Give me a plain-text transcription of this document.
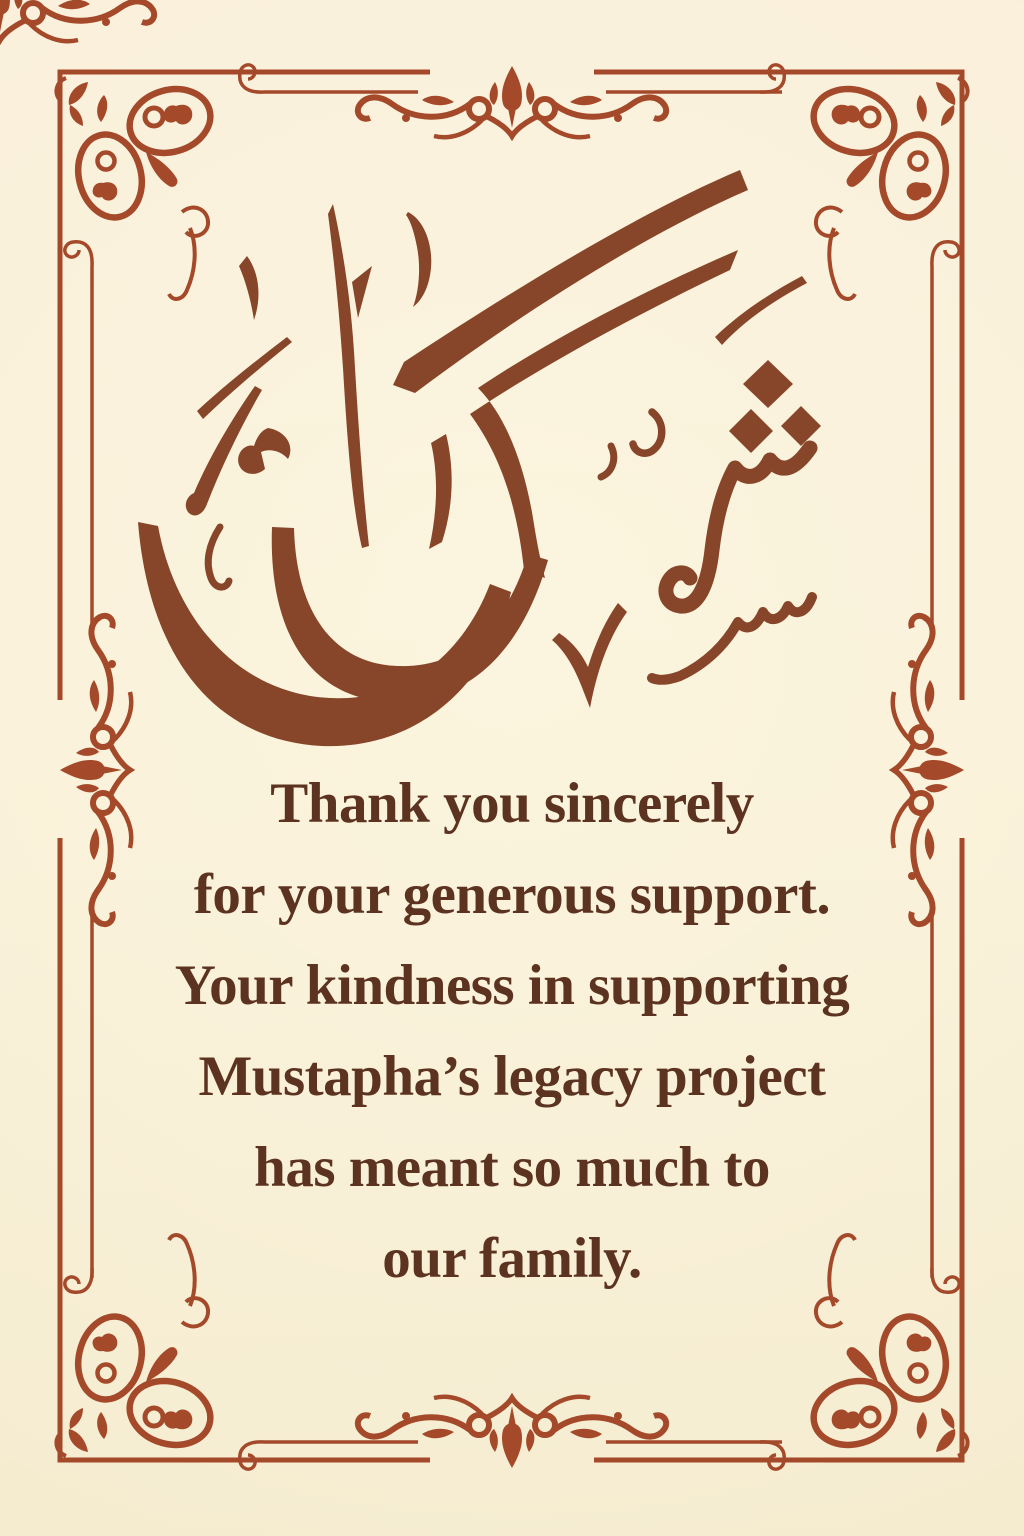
Thank you sincerely

for your generous support.

Your kindness in supporting

Mustapha’s legacy project

has meant so much to

our family.
